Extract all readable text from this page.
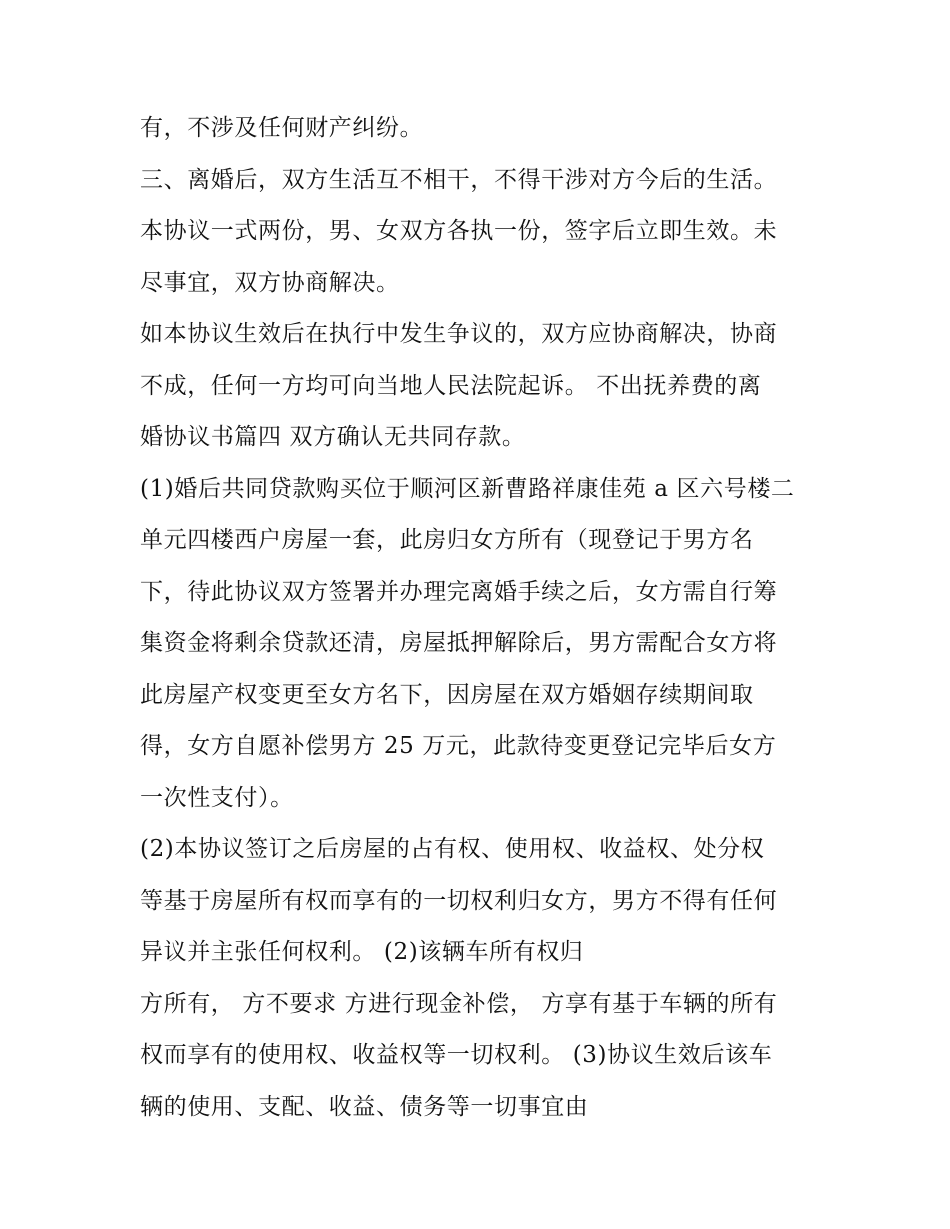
有，不涉及任何财产纠纷。
三、离婚后，双方生活互不相干，不得干涉对方今后的生活。
本协议一式两份，男、女双方各执一份，签字后立即生效。未
尽事宜，双方协商解决。
如本协议生效后在执行中发生争议的，双方应协商解决，协商
不成，任何一方均可向当地人民法院起诉。 不出抚养费的离
婚协议书篇四 双方确认无共同存款。
(1)婚后共同贷款购买位于顺河区新曹路祥康佳苑 a 区六号楼二
单元四楼西户房屋一套，此房归女方所有（现登记于男方名
下，待此协议双方签署并办理完离婚手续之后，女方需自行筹
集资金将剩余贷款还清，房屋抵押解除后，男方需配合女方将
此房屋产权变更至女方名下，因房屋在双方婚姻存续期间取
得，女方自愿补偿男方 25 万元，此款待变更登记完毕后女方
一次性支付）。
(2)本协议签订之后房屋的占有权、使用权、收益权、处分权
等基于房屋所有权而享有的一切权利归女方，男方不得有任何
异议并主张任何权利。 (2)该辆车所有权归
方所有， 方不要求 方进行现金补偿， 方享有基于车辆的所有
权而享有的使用权、收益权等一切权利。 (3)协议生效后该车
辆的使用、支配、收益、债务等一切事宜由
